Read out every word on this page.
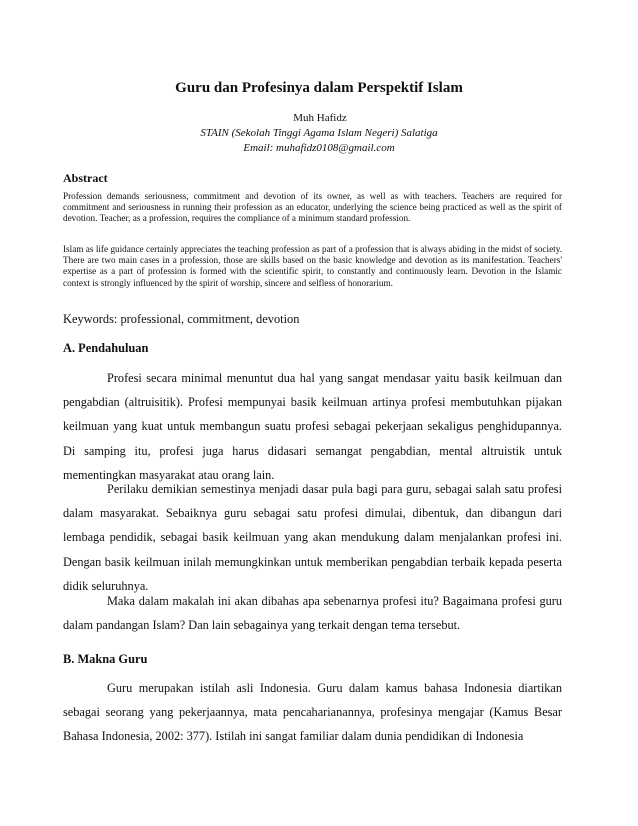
Guru dan Profesinya dalam Perspektif Islam
Muh Hafidz
STAIN (Sekolah Tinggi Agama Islam Negeri) Salatiga
Email: muhafidz0108@gmail.com
Abstract
Profession demands seriousness, commitment and devotion of its owner, as well as with teachers. Teachers are required for commitment and seriousness in running their profession as an educator, underlying the science being practiced as well as the spirit of devotion. Teacher, as a profession, requires the compliance of a minimum standard profession.
Islam as life guidance certainly appreciates the teaching profession as part of a profession that is always abiding in the midst of society. There are two main cases in a profession, those are skills based on the basic knowledge and devotion as its manifestation. Teachers' expertise as a part of profession is formed with the scientific spirit, to constantly and continuously learn. Devotion in the Islamic context is strongly influenced by the spirit of worship, sincere and selfless of honorarium.
Keywords: professional, commitment, devotion
A. Pendahuluan
Profesi secara minimal menuntut dua hal yang sangat mendasar yaitu basik keilmuan dan pengabdian (altruisitik). Profesi mempunyai basik keilmuan artinya profesi membutuhkan pijakan keilmuan yang kuat untuk membangun suatu profesi sebagai pekerjaan sekaligus penghidupannya. Di samping itu, profesi juga harus didasari semangat pengabdian, mental altruistik untuk mementingkan masyarakat atau orang lain.
Perilaku demikian semestinya menjadi dasar pula bagi para guru, sebagai salah satu profesi dalam masyarakat. Sebaiknya guru sebagai satu profesi dimulai, dibentuk, dan dibangun dari lembaga pendidik, sebagai basik keilmuan yang akan mendukung dalam menjalankan profesi ini. Dengan basik keilmuan inilah memungkinkan untuk memberikan pengabdian terbaik kepada peserta didik seluruhnya.
Maka dalam makalah ini akan dibahas apa sebenarnya profesi itu? Bagaimana profesi guru dalam pandangan Islam? Dan lain sebagainya yang terkait dengan tema tersebut.
B. Makna Guru
Guru merupakan istilah asli Indonesia. Guru dalam kamus bahasa Indonesia diartikan sebagai seorang yang pekerjaannya, mata pencaharianannya, profesinya mengajar (Kamus Besar Bahasa Indonesia, 2002: 377). Istilah ini sangat familiar dalam dunia pendidikan di Indonesia
